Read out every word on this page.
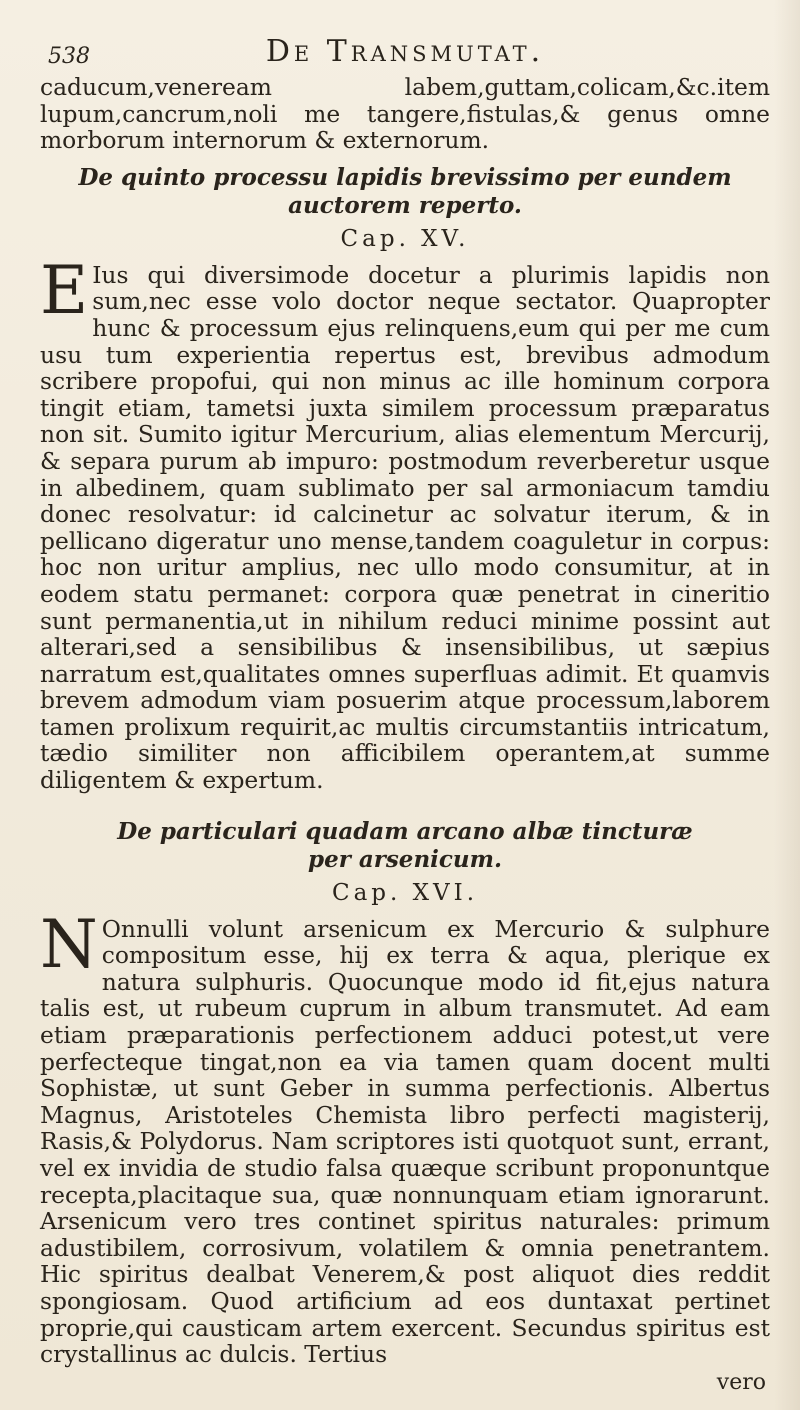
538	De Transmutat.

caducum,veneream labem,guttam,colicam,&c.item lupum,cancrum,noli me tangere,fistulas,& genus omne morborum internorum & externorum.

De quinto processu lapidis brevissimo per eundem
auctorem reperto.
Cap. XV.
E Ius qui diversimode docetur a plurimis lapidis non sum,nec esse volo doctor neque sectator. Quapropter hunc & processum ejus relinquens,eum qui per me cum usu tum experientia repertus est, brevibus admodum scribere propofui, qui non minus ac ille hominum corpora tingit etiam, tametsi juxta similem processum præparatus non sit. Sumito igitur Mercurium, alias elementum Mercurij, & separa purum ab impuro: postmodum reverberetur usque in albedinem, quam sublimato per sal armoniacum tamdiu donec resolvatur: id calcinetur ac solvatur iterum, & in pellicano digeratur uno mense,tandem coaguletur in corpus: hoc non uritur amplius, nec ullo modo consumitur, at in eodem statu permanet: corpora quæ penetrat in cineritio sunt permanentia,ut in nihilum reduci minime possint aut alterari,sed a sensibilibus & insensibilibus, ut sæpius narratum est,qualitates omnes superfluas adimit. Et quamvis brevem admodum viam posuerim atque processum,laborem tamen prolixum requirit,ac multis circumstantiis intricatum, tædio similiter non afficibilem operantem,at summe diligentem & expertum.

De particulari quadam arcano albæ tincturæ
per arsenicum.
Cap. XVI.
N Onnulli volunt arsenicum ex Mercurio & sulphure compositum esse, hij ex terra & aqua, plerique ex natura sulphuris. Quocunque modo id fit,ejus natura talis est, ut rubeum cuprum in album transmutet. Ad eam etiam præparationis perfectionem adduci potest,ut vere perfecteque tingat,non ea via tamen quam docent multi Sophistæ, ut sunt Geber in summa perfectionis. Albertus Magnus, Aristoteles Chemista libro perfecti magisterij, Rasis,& Polydorus. Nam scriptores isti quotquot sunt, errant, vel ex invidia de studio falsa quæque scribunt proponuntque recepta,placitaque sua, quæ nonnunquam etiam ignorarunt. Arsenicum vero tres continet spiritus naturales: primum adustibilem, corrosivum, volatilem & omnia penetrantem. Hic spiritus dealbat Venerem,& post aliquot dies reddit spongiosam. Quod artificium ad eos duntaxat pertinet proprie,qui causticam artem exercent. Secundus spiritus est crystallinus ac dulcis. Tertius

vero
